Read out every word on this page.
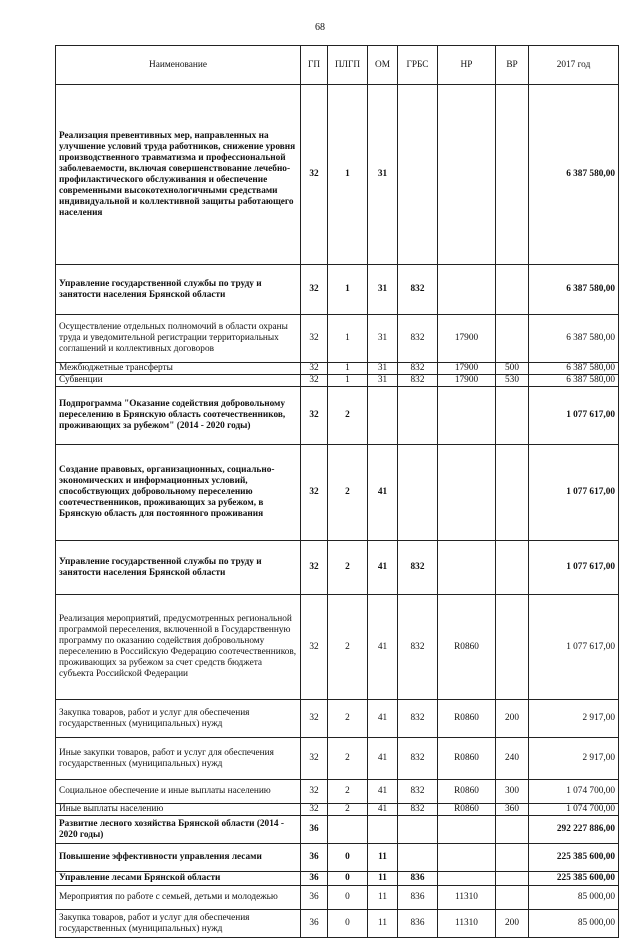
68
Наименование	ГП	ПЛГП	ОМ	ГРБС	НР	ВР	2017 год
Реализация превентивных мер, направленных на улучшение условий труда работников, снижение уровня производственного травматизма и профессиональной заболеваемости, включая совершенствование лечебно-профилактического обслуживания и обеспечение современными высокотехнологичными средствами индивидуальной и коллективной защиты работающего населения	32	1	31				6 387 580,00
Управление государственной службы по труду и занятости населения Брянской области	32	1	31	832			6 387 580,00
Осуществление отдельных полномочий в области охраны труда и уведомительной регистрации территориальных соглашений и коллективных договоров	32	1	31	832	17900		6 387 580,00
Межбюджетные трансферты	32	1	31	832	17900	500	6 387 580,00
Субвенции	32	1	31	832	17900	530	6 387 580,00
Подпрограмма "Оказание содействия добровольному переселению в Брянскую область соотечественников, проживающих за рубежом" (2014 - 2020 годы)	32	2					1 077 617,00
Создание правовых, организационных, социально-экономических и информационных условий, способствующих добровольному переселению соотечественников, проживающих за рубежом, в Брянскую область для постоянного проживания	32	2	41				1 077 617,00
Управление государственной службы по труду и занятости населения Брянской области	32	2	41	832			1 077 617,00
Реализация мероприятий, предусмотренных региональной программой переселения, включенной в Государственную программу по оказанию содействия добровольному переселению в Российскую Федерацию соотечественников, проживающих за рубежом за счет средств бюджета субъекта Российской Федерации	32	2	41	832	R0860		1 077 617,00
Закупка товаров, работ и услуг для обеспечения государственных (муниципальных) нужд	32	2	41	832	R0860	200	2 917,00
Иные закупки товаров, работ и услуг для обеспечения государственных (муниципальных) нужд	32	2	41	832	R0860	240	2 917,00
Социальное обеспечение и иные выплаты населению	32	2	41	832	R0860	300	1 074 700,00
Иные выплаты населению	32	2	41	832	R0860	360	1 074 700,00
Развитие лесного хозяйства Брянской области (2014 - 2020 годы)	36						292 227 886,00
Повышение эффективности управления лесами	36	0	11				225 385 600,00
Управление лесами Брянской области	36	0	11	836			225 385 600,00
Мероприятия по работе с семьей, детьми и молодежью	36	0	11	836	11310		85 000,00
Закупка товаров, работ и услуг для обеспечения государственных (муниципальных) нужд	36	0	11	836	11310	200	85 000,00
